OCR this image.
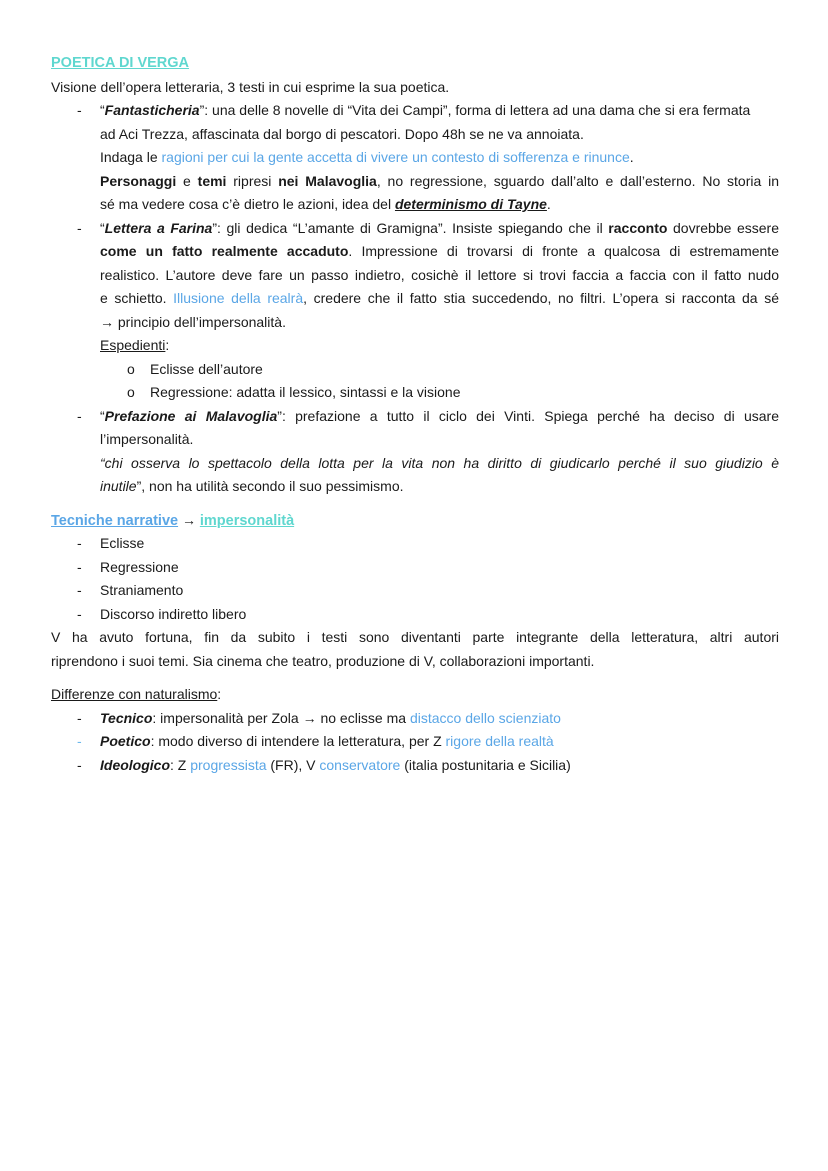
POETICA DI VERGA
Visione dell’opera letteraria, 3 testi in cui esprime la sua poetica.
- “Fantasticheria”: una delle 8 novelle di “Vita dei Campi”, forma di lettera ad una dama che si era fermata
ad Aci Trezza, affascinata dal borgo di pescatori. Dopo 48h se ne va annoiata.
Indaga le ragioni per cui la gente accetta di vivere un contesto di sofferenza e rinunce.
Personaggi e temi ripresi nei Malavoglia, no regressione, sguardo dall’alto e dall’esterno. No storia in
sé ma vedere cosa c’è dietro le azioni, idea del determinismo di Tayne.
- “Lettera a Farina”: gli dedica “L’amante di Gramigna”. Insiste spiegando che il racconto dovrebbe essere
come un fatto realmente accaduto. Impressione di trovarsi di fronte a qualcosa di estremamente
realistico. L’autore deve fare un passo indietro, cosichè il lettore si trovi faccia a faccia con il fatto nudo
e schietto. Illusione della realrà, credere che il fatto stia succedendo, no filtri. L’opera si racconta da sé
→ principio dell’impersonalità.
Espedienti:
o Eclisse dell’autore
o Regressione: adatta il lessico, sintassi e la visione
- “Prefazione ai Malavoglia”: prefazione a tutto il ciclo dei Vinti. Spiega perché ha deciso di usare
l’impersonalità.
“chi osserva lo spettacolo della lotta per la vita non ha diritto di giudicarlo perché il suo giudizio è
inutile”, non ha utilità secondo il suo pessimismo.
Tecniche narrative → impersonalità
- Eclisse
- Regressione
- Straniamento
- Discorso indiretto libero
V ha avuto fortuna, fin da subito i testi sono diventanti parte integrante della letteratura, altri autori
riprendono i suoi temi. Sia cinema che teatro, produzione di V, collaborazioni importanti.
Differenze con naturalismo:
- Tecnico: impersonalità per Zola → no eclisse ma distacco dello scienziato
- Poetico: modo diverso di intendere la letteratura, per Z rigore della realtà
- Ideologico: Z progressista (FR), V conservatore (italia postunitaria e Sicilia)
